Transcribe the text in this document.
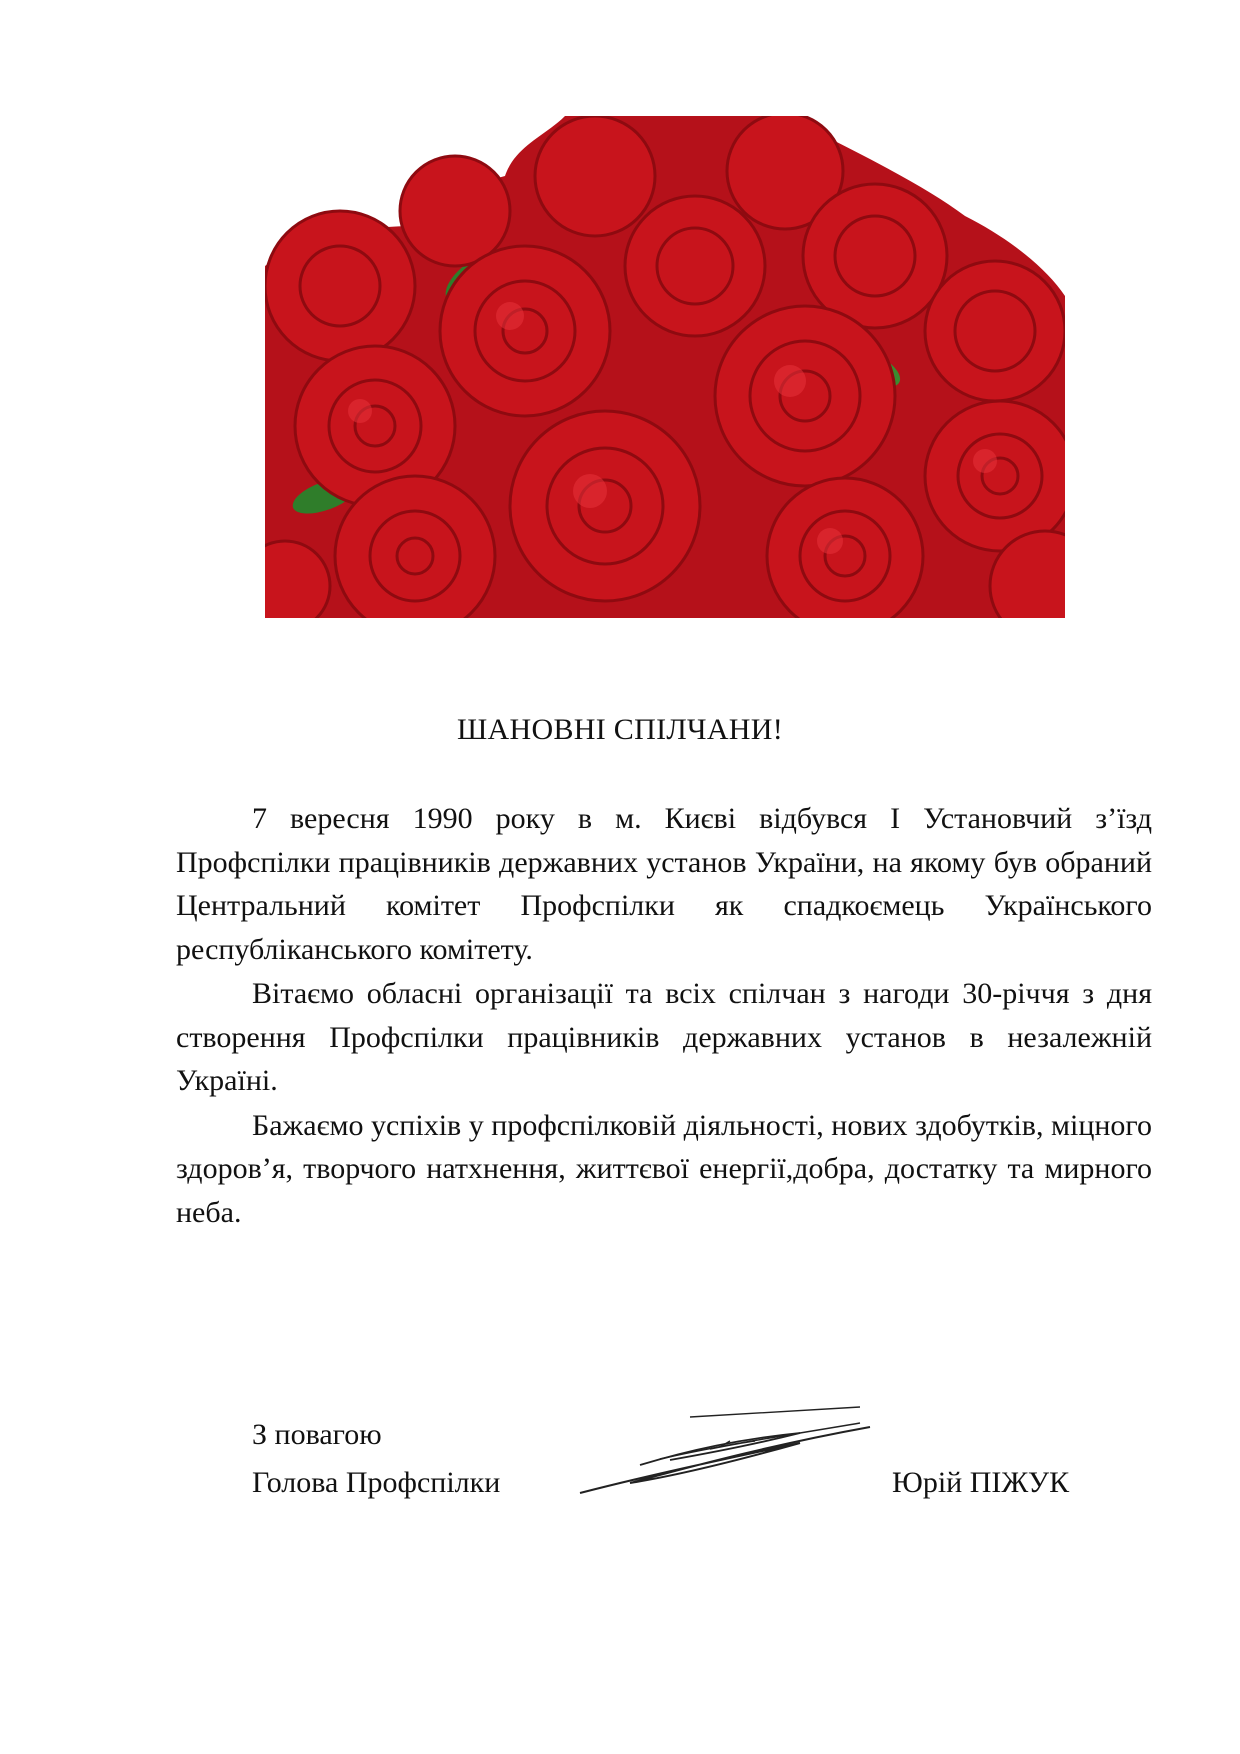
ШАНОВНІ СПІЛЧАНИ!

7 вересня 1990 року в м. Києві відбувся І Установчий з’їзд Профспілки працівників державних установ України, на якому був обраний Центральний комітет Профспілки як спадкоємець Українського республіканського комітету.

Вітаємо обласні організації та всіх спілчан з нагоди 30-річчя з дня створення Профспілки працівників державних установ в незалежній Україні.

Бажаємо успіхів у профспілковій діяльності, нових здобутків, міцного здоров’я, творчого натхнення, життєвої енергії,добра, достатку та мирного неба.

З повагою
Голова Профспілки	Юрій ПІЖУК
